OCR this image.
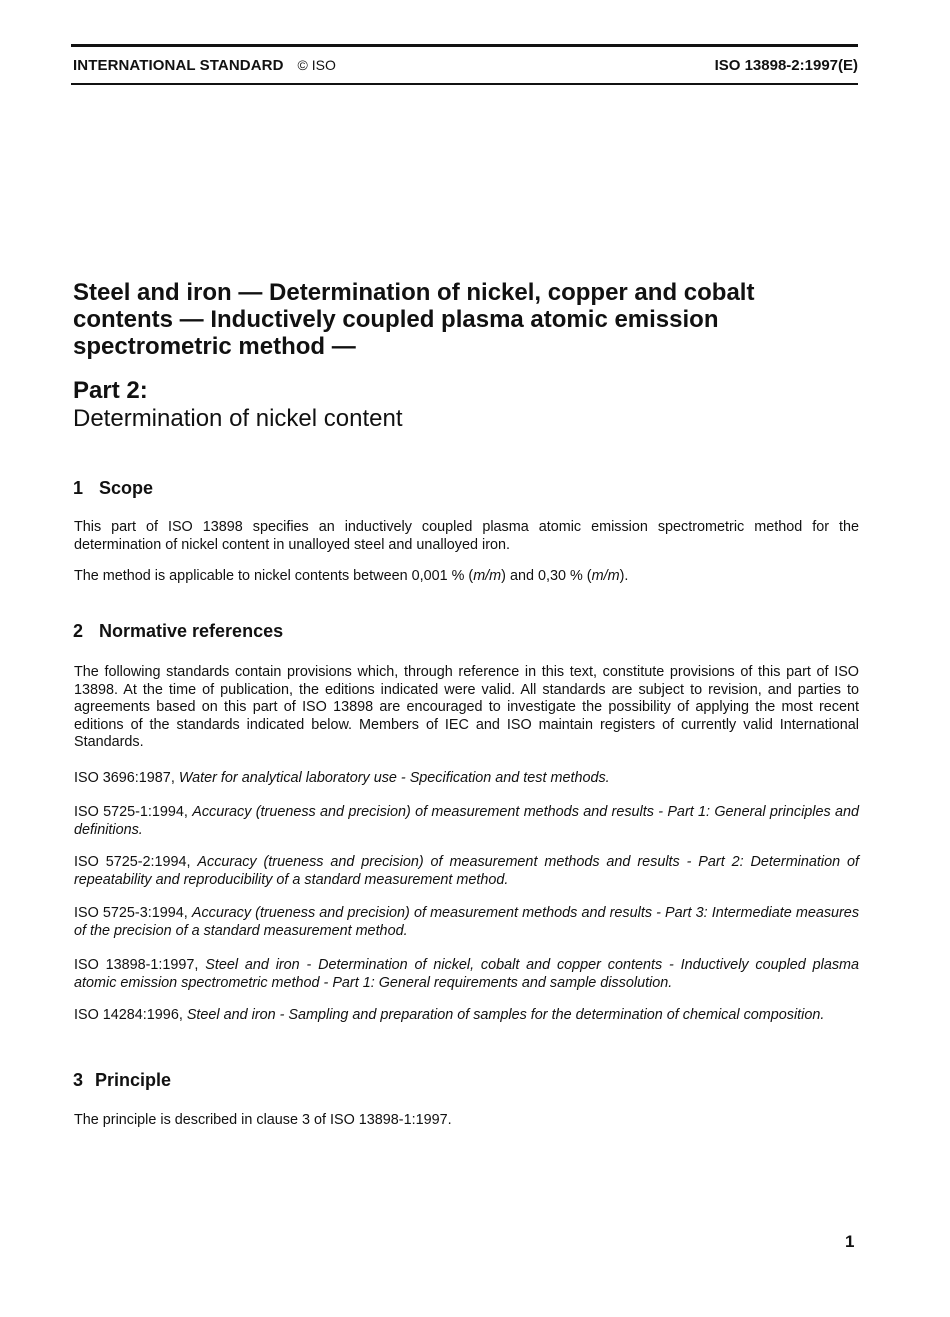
INTERNATIONAL STANDARD © ISO	ISO 13898-2:1997(E)
Steel and iron — Determination of nickel, copper and cobalt
contents — Inductively coupled plasma atomic emission
spectrometric method —

Part 2:

Determination of nickel content

1 Scope

This part of ISO 13898 specifies an inductively coupled plasma atomic emission spectrometric method for the determination of nickel content in unalloyed steel and unalloyed iron.

The method is applicable to nickel contents between 0,001 % (m/m) and 0,30 % (m/m).

2 Normative references

The following standards contain provisions which, through reference in this text, constitute provisions of this part of ISO 13898. At the time of publication, the editions indicated were valid. All standards are subject to revision, and parties to agreements based on this part of ISO 13898 are encouraged to investigate the possibility of applying the most recent editions of the standards indicated below. Members of IEC and ISO maintain registers of currently valid International Standards.

ISO 3696:1987, Water for analytical laboratory use - Specification and test methods.

ISO 5725-1:1994, Accuracy (trueness and precision) of measurement methods and results - Part 1: General principles and definitions.

ISO 5725-2:1994, Accuracy (trueness and precision) of measurement methods and results - Part 2: Determination of repeatability and reproducibility of a standard measurement method.

ISO 5725-3:1994, Accuracy (trueness and precision) of measurement methods and results - Part 3: Intermediate measures of the precision of a standard measurement method.

ISO 13898-1:1997, Steel and iron - Determination of nickel, cobalt and copper contents - Inductively coupled plasma atomic emission spectrometric method - Part 1: General requirements and sample dissolution.

ISO 14284:1996, Steel and iron - Sampling and preparation of samples for the determination of chemical composition.

3 Principle

The principle is described in clause 3 of ISO 13898-1:1997.

1
